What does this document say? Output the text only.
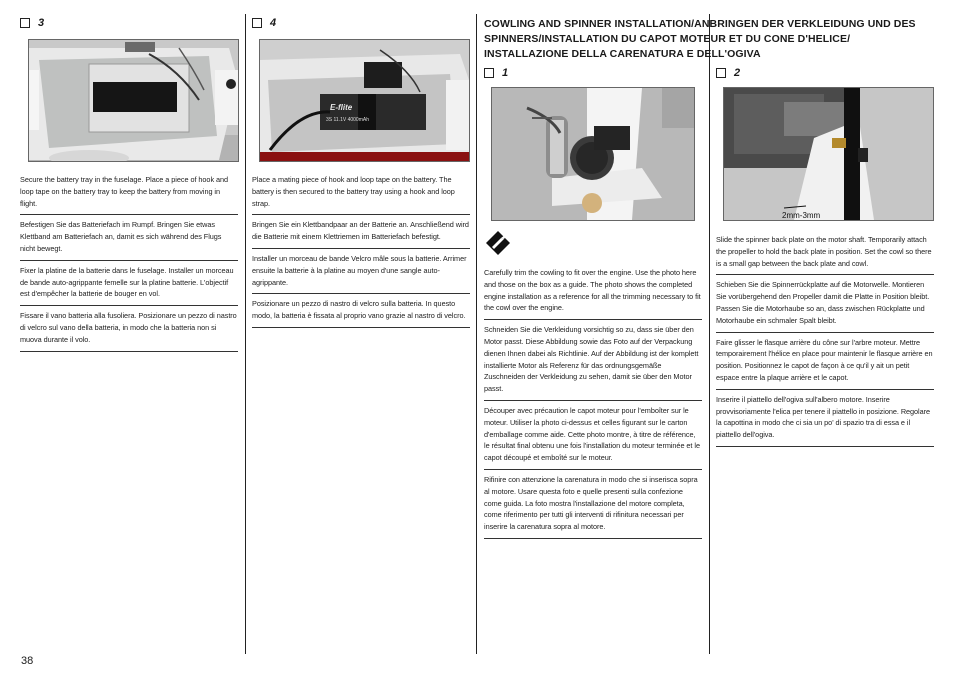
3
Secure the battery tray in the fuselage. Place a piece of hook and loop tape on the battery tray to keep the battery from moving in flight.
Befestigen Sie das Batteriefach im Rumpf. Bringen Sie etwas Klettband am Batteriefach an, damit es sich während des Flugs nicht bewegt.
Fixer la platine de la batterie dans le fuselage. Installer un morceau de bande auto-agrippante femelle sur la platine batterie. L'objectif est d'empêcher la batterie de bouger en vol.
Fissare il vano batteria alla fusoliera. Posizionare un pezzo di nastro di velcro sul vano della batteria, in modo che la batteria non si muova durante il volo.
4
E-flite
3S 11.1V 4000mAh
Place a mating piece of hook and loop tape on the battery. The battery is then secured to the battery tray using a hook and loop strap.
Bringen Sie ein Klettbandpaar an der Batterie an. Anschließend wird die Batterie mit einem Klettriemen im Batteriefach befestigt.
Installer un morceau de bande Velcro mâle sous la batterie. Arrimer ensuite la batterie à la platine au moyen d'une sangle auto-agrippante.
Posizionare un pezzo di nastro di velcro sulla batteria. In questo modo, la batteria è fissata al proprio vano grazie al nastro di velcro.
COWLING AND SPINNER INSTALLATION/ANBRINGEN DER VERKLEIDUNG UND DES SPINNERS/INSTALLATION DU CAPOT MOTEUR ET DU CONE D'HELICE/ INSTALLAZIONE DELLA CARENATURA E DELL'OGIVA
1
Carefully trim the cowling to fit over the engine. Use the photo here and those on the box as a guide. The photo shows the completed engine installation as a reference for all the trimming necessary to fit the cowl over the engine.
Schneiden Sie die Verkleidung vorsichtig so zu, dass sie über den Motor passt. Diese Abbildung sowie das Foto auf der Verpackung dienen Ihnen dabei als Richtlinie. Auf der Abbildung ist der komplett installierte Motor als Referenz für das ordnungsgemäße Zuschneiden der Verkleidung zu sehen, damit sie über den Motor passt.
Découper avec précaution le capot moteur pour l'emboîter sur le moteur. Utiliser la photo ci-dessus et celles figurant sur le carton d'emballage comme aide. Cette photo montre, à titre de référence, le résultat final obtenu une fois l'installation du moteur terminée et le capot découpé et emboîté sur le moteur.
Rifinire con attenzione la carenatura in modo che si inserisca sopra al motore. Usare questa foto e quelle presenti sulla confezione come guida. La foto mostra l'installazione del motore completa, come riferimento per tutti gli interventi di rifinitura necessari per inserire la carenatura sopra al motore.
2
2mm-3mm
Slide the spinner back plate on the motor shaft. Temporarily attach the propeller to hold the back plate in position. Set the cowl so there is a small gap between the back plate and cowl.
Schieben Sie die Spinnerrückplatte auf die Motorwelle. Montieren Sie vorübergehend den Propeller damit die Platte in Position bleibt. Passen Sie die Motorhaube so an, dass zwischen Rückplatte und Motorhaube ein schmaler Spalt bleibt.
Faire glisser le flasque arrière du cône sur l'arbre moteur. Mettre temporairement l'hélice en place pour maintenir le flasque arrière en position. Positionnez le capot de façon à ce qu'il y ait un petit espace entre la plaque arrière et le capot.
Inserire il piattello dell'ogiva sull'albero motore. Inserire provvisoriamente l'elica per tenere il piattello in posizione. Regolare la capottina in modo che ci sia un po' di spazio tra di essa e il piattello dell'ogiva.
38
